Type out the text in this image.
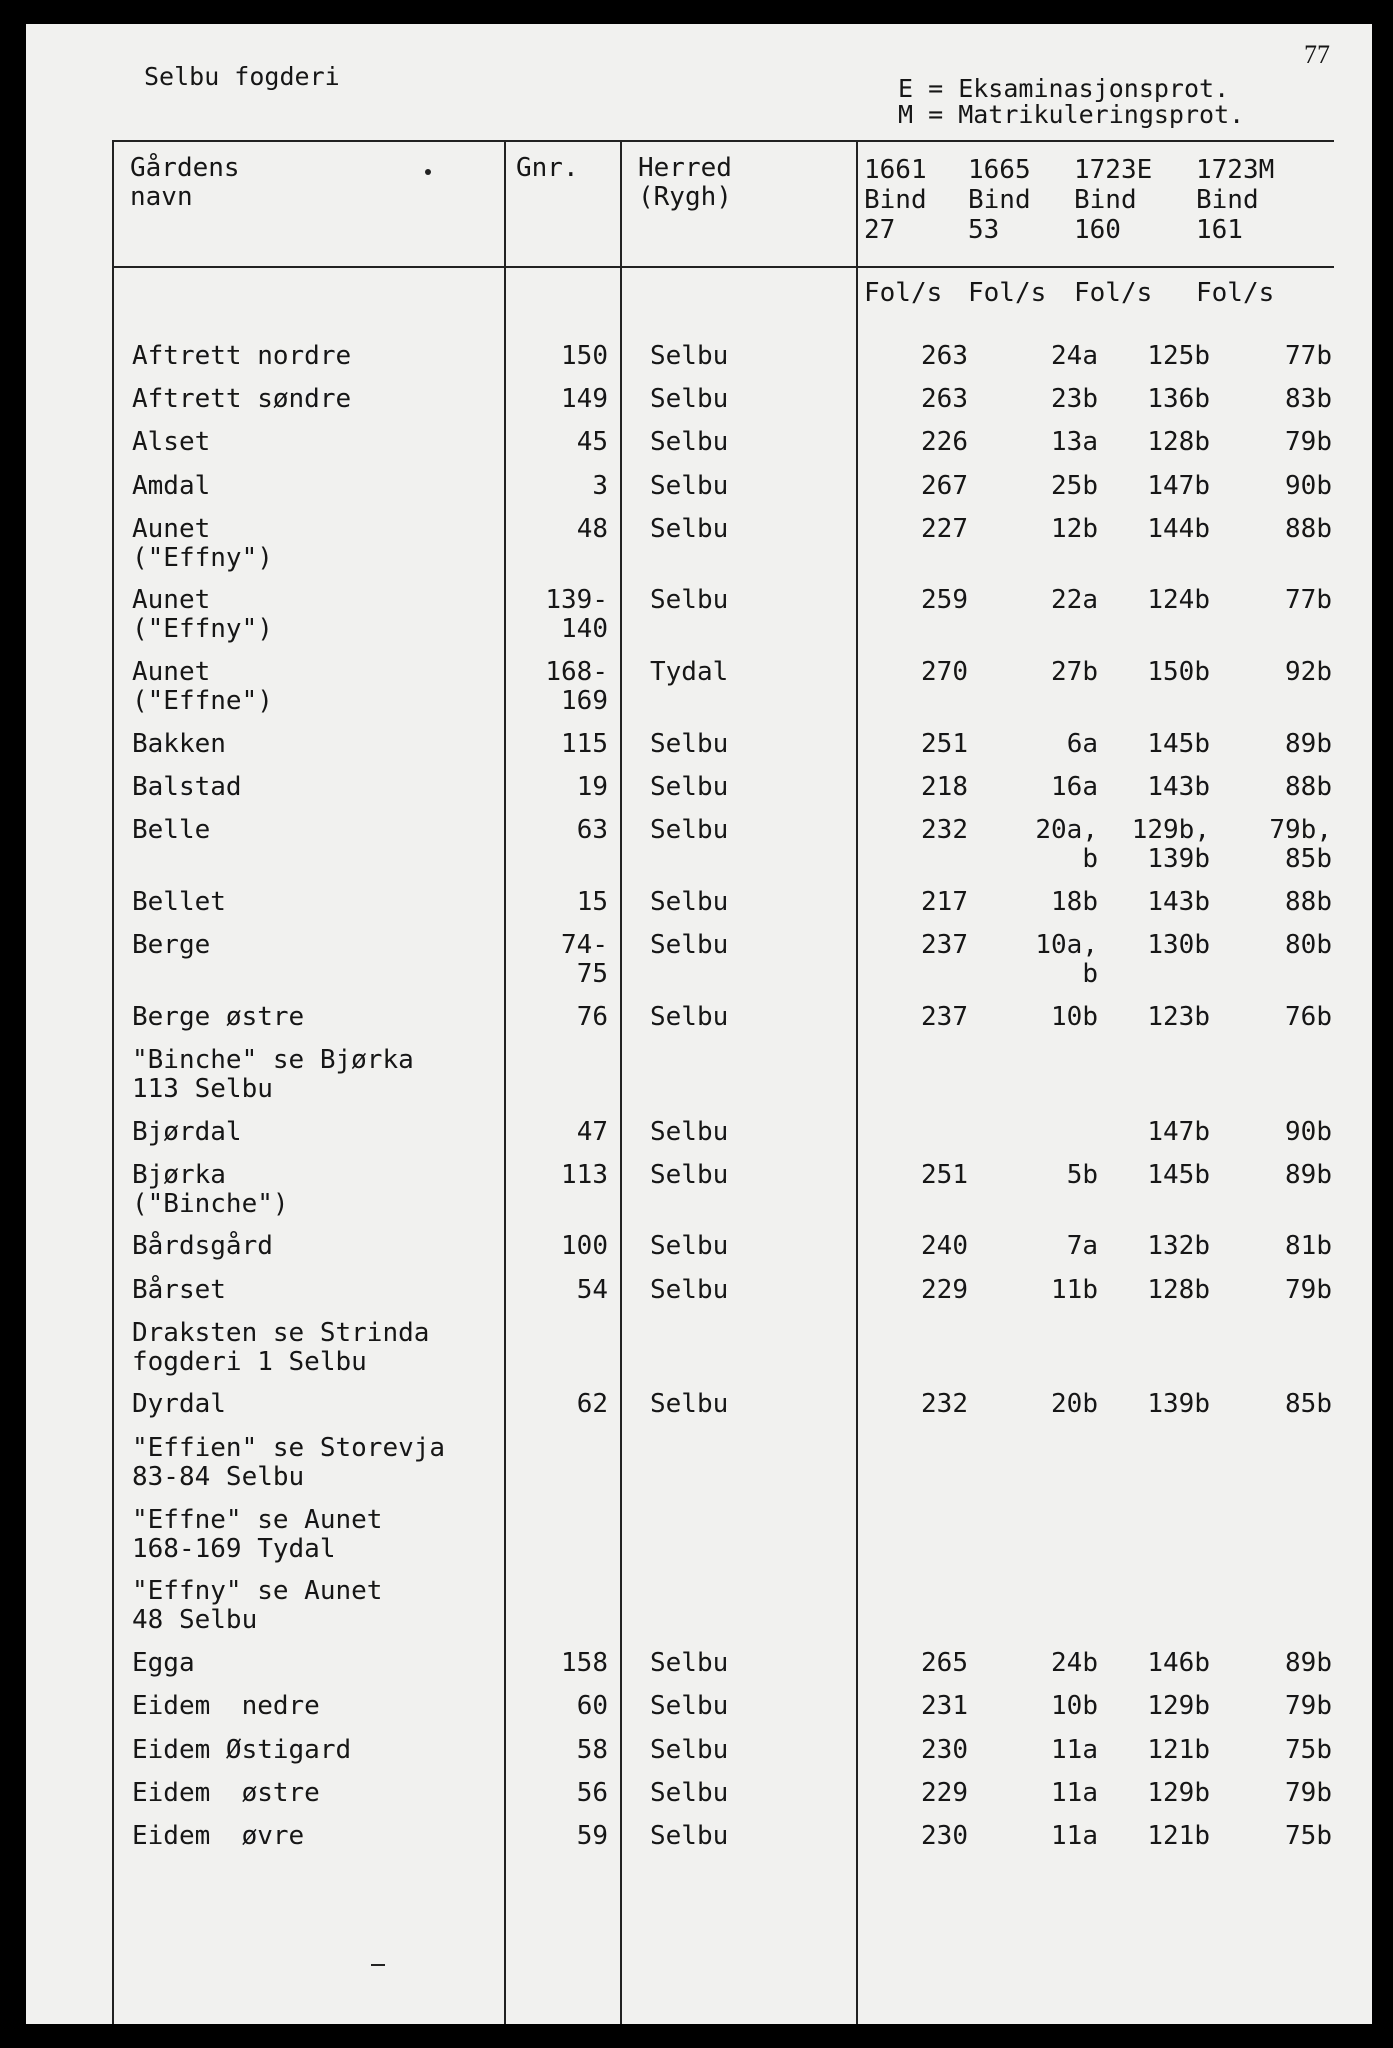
77
Selbu fogderi	E = Eksaminasjonsprot.
M = Matrikuleringsprot.
Gårdens
navn
Gnr.	Herred
(Rygh)
1661
Bind
27
1665
Bind
53
1723E
Bind
160
1723M
Bind
161
Fol/s Fol/s Fol/s Fol/s
Aftrett nordre	150 Selbu	263	24a	125b	77b
Aftrett søndre	149 Selbu	263	23b	136b	83b
Alset	45 Selbu	226	13a	128b	79b
Amdal	3 Selbu	267	25b	147b	90b
Aunet
("Effny")
48 Selbu	227	12b	144b	88b
Aunet
("Effny")
139-
140
Selbu	259	22a	124b	77b
Aunet
("Effne")
168-
169
Tydal	270	27b	150b	92b
Bakken	115 Selbu	251	6a	145b	89b
Balstad	19 Selbu	218	16a	143b	88b
Belle	63 Selbu	232	20a,
b
129b,
139b
79b,
85b
Bellet	15 Selbu	217	18b	143b	88b
Berge	74-
75
Selbu	237	10a,
b
130b	80b
Berge østre	76 Selbu	237	10b	123b	76b
"Binche" se Bjørka
113 Selbu
Bjørdal	47 Selbu	147b	90b
Bjørka
("Binche")
113 Selbu	251	5b	145b	89b
Bårdsgård	100 Selbu	240	7a	132b	81b
Bårset	54 Selbu	229	11b	128b	79b
Draksten se Strinda
fogderi 1 Selbu
Dyrdal	62 Selbu	232	20b	139b	85b
"Effien" se Storevja
83-84 Selbu
"Effne" se Aunet
168-169 Tydal
"Effny" se Aunet
48 Selbu
Egga	158 Selbu	265	24b	146b	89b
Eidem  nedre	60 Selbu	231	10b	129b	79b
Eidem Østigard	58 Selbu	230	11a	121b	75b
Eidem  østre	56 Selbu	229	11a	129b	79b
Eidem  øvre	59 Selbu	230	11a	121b	75b
